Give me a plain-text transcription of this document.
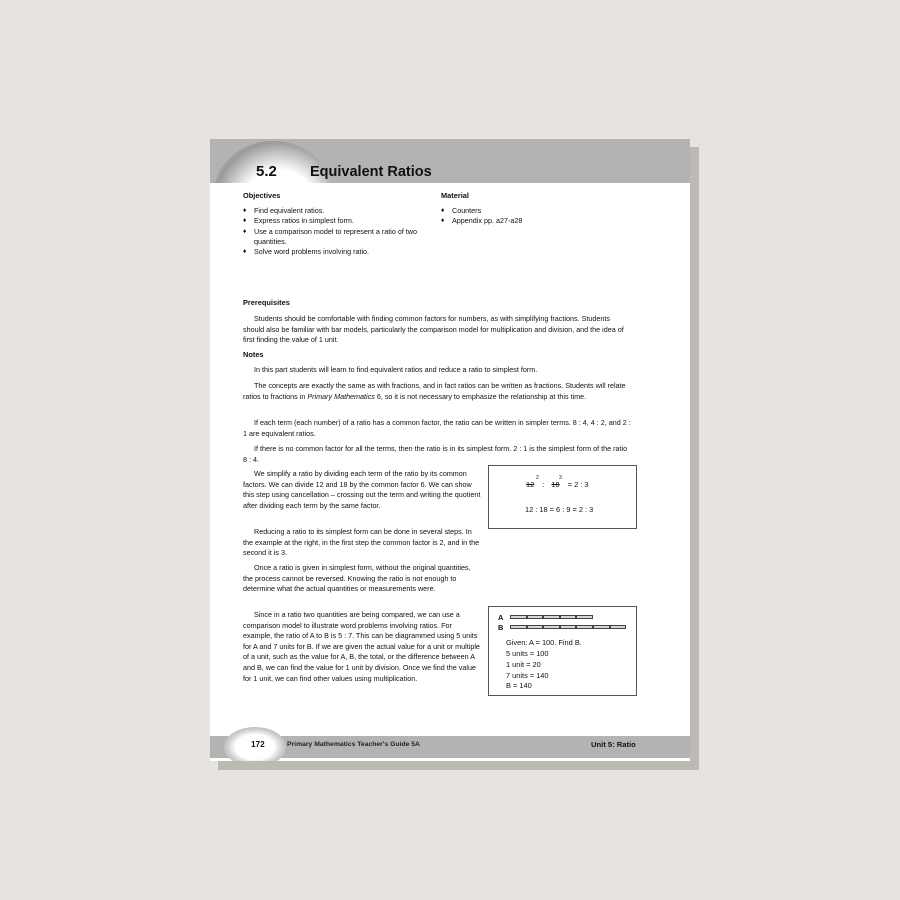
5.2 Equivalent Ratios
Objectives
♦ Find equivalent ratios.
♦ Express ratios in simplest form.
♦ Use a comparison model to represent a ratio of two quantities.
♦ Solve word problems involving ratio.
Material
♦ Counters
♦ Appendix pp. a27-a28
Prerequisites

Students should be comfortable with finding common factors for numbers, as with simplifying fractions. Students should also be familiar with bar models, particularly the comparison model for multiplication and division, and the idea of first finding the value of 1 unit.

Notes

In this part students will learn to find equivalent ratios and reduce a ratio to simplest form.

The concepts are exactly the same as with fractions, and in fact ratios can be written as fractions. Students will relate ratios to fractions in Primary Mathematics 6, so it is not necessary to emphasize the relationship at this time.

If each term (each number) of a ratio has a common factor, the ratio can be written in simpler terms. 8 : 4, 4 : 2, and 2 : 1 are equivalent ratios.

If there is no common factor for all the terms, then the ratio is in its simplest form. 2 : 1 is the simplest form of the ratio 8 : 4.

We simplify a ratio by dividing each term of the ratio by its common factors. We can divide 12 and 18 by the common factor 6. We can show this step using cancellation – crossing out the term and writing the quotient after dividing each term by the same factor.

Reducing a ratio to its simplest form can be done in several steps. In the example at the right, in the first step the common factor is 2, and in the second it is 3.

Once a ratio is given in simplest form, without the original quantities, the process cannot be reversed. Knowing the ratio is not enough to determine what the actual quantities or measurements were.

Since in a ratio two quantities are being compared, we can use a comparison model to illustrate word problems involving ratios. For example, the ratio of A to B is 5 : 7. This can be diagrammed using 5 units for A and 7 units for B. If we are given the actual value for a unit or multiple of a unit, such as the value for A, B, the total, or the difference between A and B, we can find the value for 1 unit by division. Once we find the value for 1 unit, we can find other values using multiplication.

12
2
: 18
3
= 2 : 3
12 : 18 = 6 : 9 = 2 : 3
A
B
Given: A = 100. Find B.
5 units = 100
1 unit = 20
7 units = 140
B = 140
172	Primary Mathematics Teacher's Guide 5A	Unit 5: Ratio
